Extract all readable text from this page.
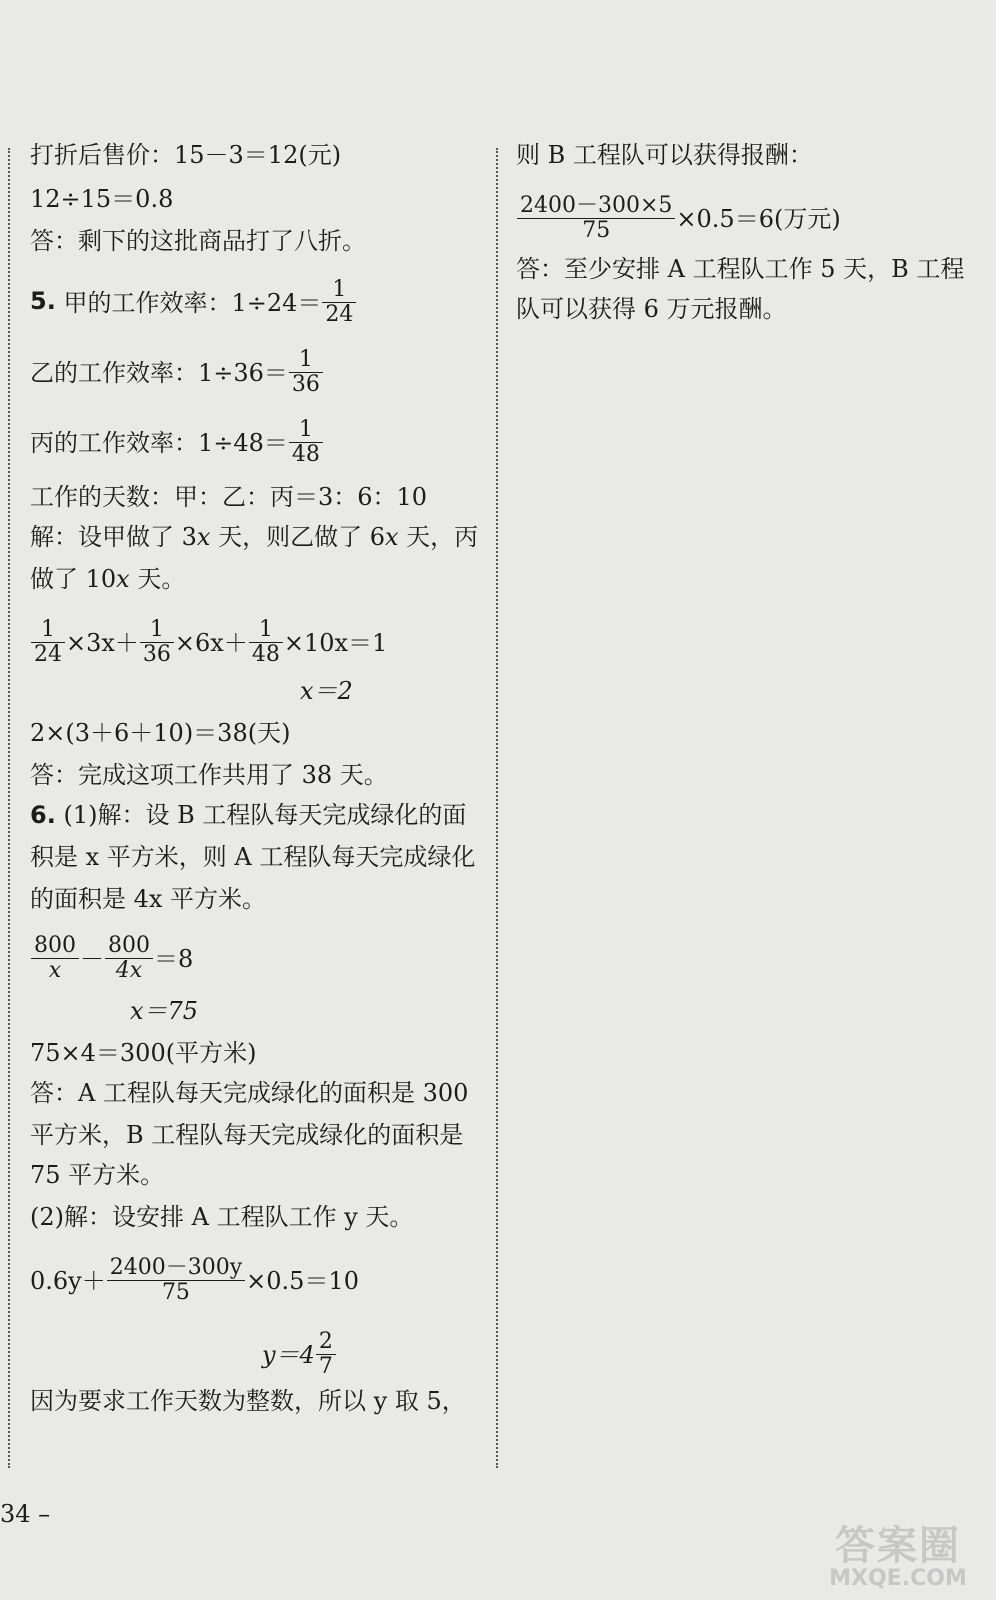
打折后售价：15－3＝12(元)
12÷15＝0.8
答：剩下的这批商品打了八折。
5. 甲的工作效率：$1\div 24= \frac{1}{24}$
乙的工作效率：$1\div 36= \frac{1}{36}$
丙的工作效率：$1\div 48= \frac{1}{48}$
工作的天数：甲：乙：丙＝3：6：10
解：设甲做了 3x 天，则乙做了 6x 天，丙
做了 10x 天。
$\frac{1}{24} \times 3x+ \frac{1}{36} \times 6x+ \frac{1}{48} \times 10x=1$
x＝2
2×(3＋6＋10)＝38(天)
答：完成这项工作共用了 38 天。
6. (1)解：设 B 工程队每天完成绿化的面
积是 x 平方米，则 A 工程队每天完成绿化
的面积是 4x 平方米。
$\frac{800}{x} - \frac{800}{4x} =8$
x＝75
75×4＝300(平方米)
答：A 工程队每天完成绿化的面积是 300
平方米，B 工程队每天完成绿化的面积是
75 平方米。
(2)解：设安排 A 工程队工作 y 天。
$0.6y+ \frac{2400-300y}{75} \times 0.5=10$
$y=4 \frac{2}{7}$
因为要求工作天数为整数，所以 y 取 5，
则 B 工程队可以获得报酬：
$\frac{2400-300\times 5}{75} \times 0.5=6$(万元)
答：至少安排 A 工程队工作 5 天，B 工程
队可以获得 6 万元报酬。
34 –
答案圈
MXQE.COM
